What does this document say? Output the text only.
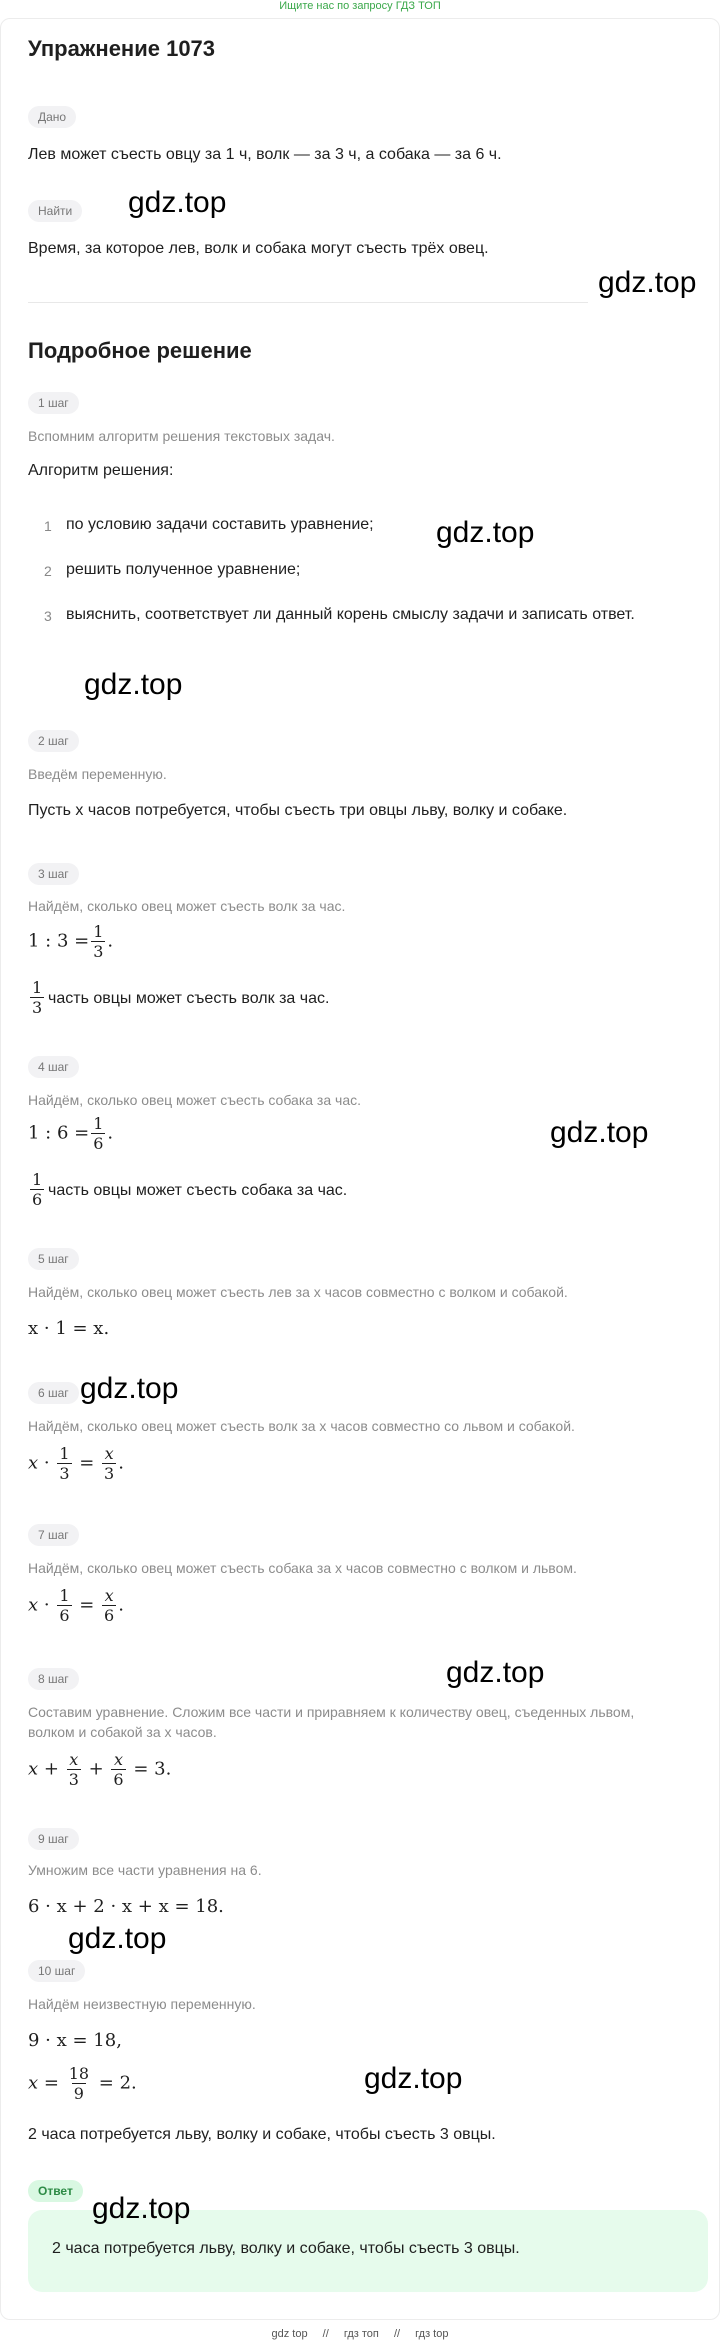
Ищите нас по запросу ГДЗ ТОП
Упражнение 1073
Дано
Лев может съесть овцу за 1 ч, волк — за 3 ч, а собака — за 6 ч.
Найти
Время, за которое лев, волк и собака могут съесть трёх овец.
Подробное решение
1 шаг
Вспомним алгоритм решения текстовых задач.
Алгоритм решения:
1 по условию задачи составить уравнение;
2 решить полученное уравнение;
3 выяснить, соответствует ли данный корень смыслу задачи и записать ответ.
2 шаг
Введём переменную.
Пусть x часов потребуется, чтобы съесть три овцы льву, волку и собаке.
3 шаг
Найдём, сколько овец может съесть волк за час.
1 : $3 = \frac{1}{3}$ .
$\frac{1}{3}$ часть овцы может съесть волк за час.
4 шаг
Найдём, сколько овец может съесть собака за час.
1 : $6 = \frac{1}{6}$ .
$\frac{1}{6}$ часть овцы может съесть собака за час.
5 шаг
Найдём, сколько овец может съесть лев за x часов совместно с волком и собакой.
x · 1 = x.
6 шаг
Найдём, сколько овец может съесть волк за x часов совместно со львом и собакой.
$x \cdot \frac{1}{3} = \frac{x}{3}$ .
7 шаг
Найдём, сколько овец может съесть собака за x часов совместно с волком и львом.
$x \cdot \frac{1}{6} = \frac{x}{6}$ .
8 шаг
Составим уравнение. Сложим все части и приравняем к количеству овец, съеденных львом, волком и собакой за x часов.
$x + \frac{x}{3} + \frac{x}{6} = 3$.
9 шаг
Умножим все части уравнения на 6.
6 · x + 2 · x + x = 18.
10 шаг
Найдём неизвестную переменную.
9 · x = 18,
$x = \frac{18}{9} = 2$.
2 часа потребуется льву, волку и собаке, чтобы съесть 3 овцы.
Ответ
2 часа потребуется льву, волку и собаке, чтобы съесть 3 овцы.
gdz.top
gdz.top
gdz.top
gdz.top
gdz.top
gdz.top
gdz.top
gdz.top
gdz.top
gdz.top
gdz top // гдз топ // гдз top
